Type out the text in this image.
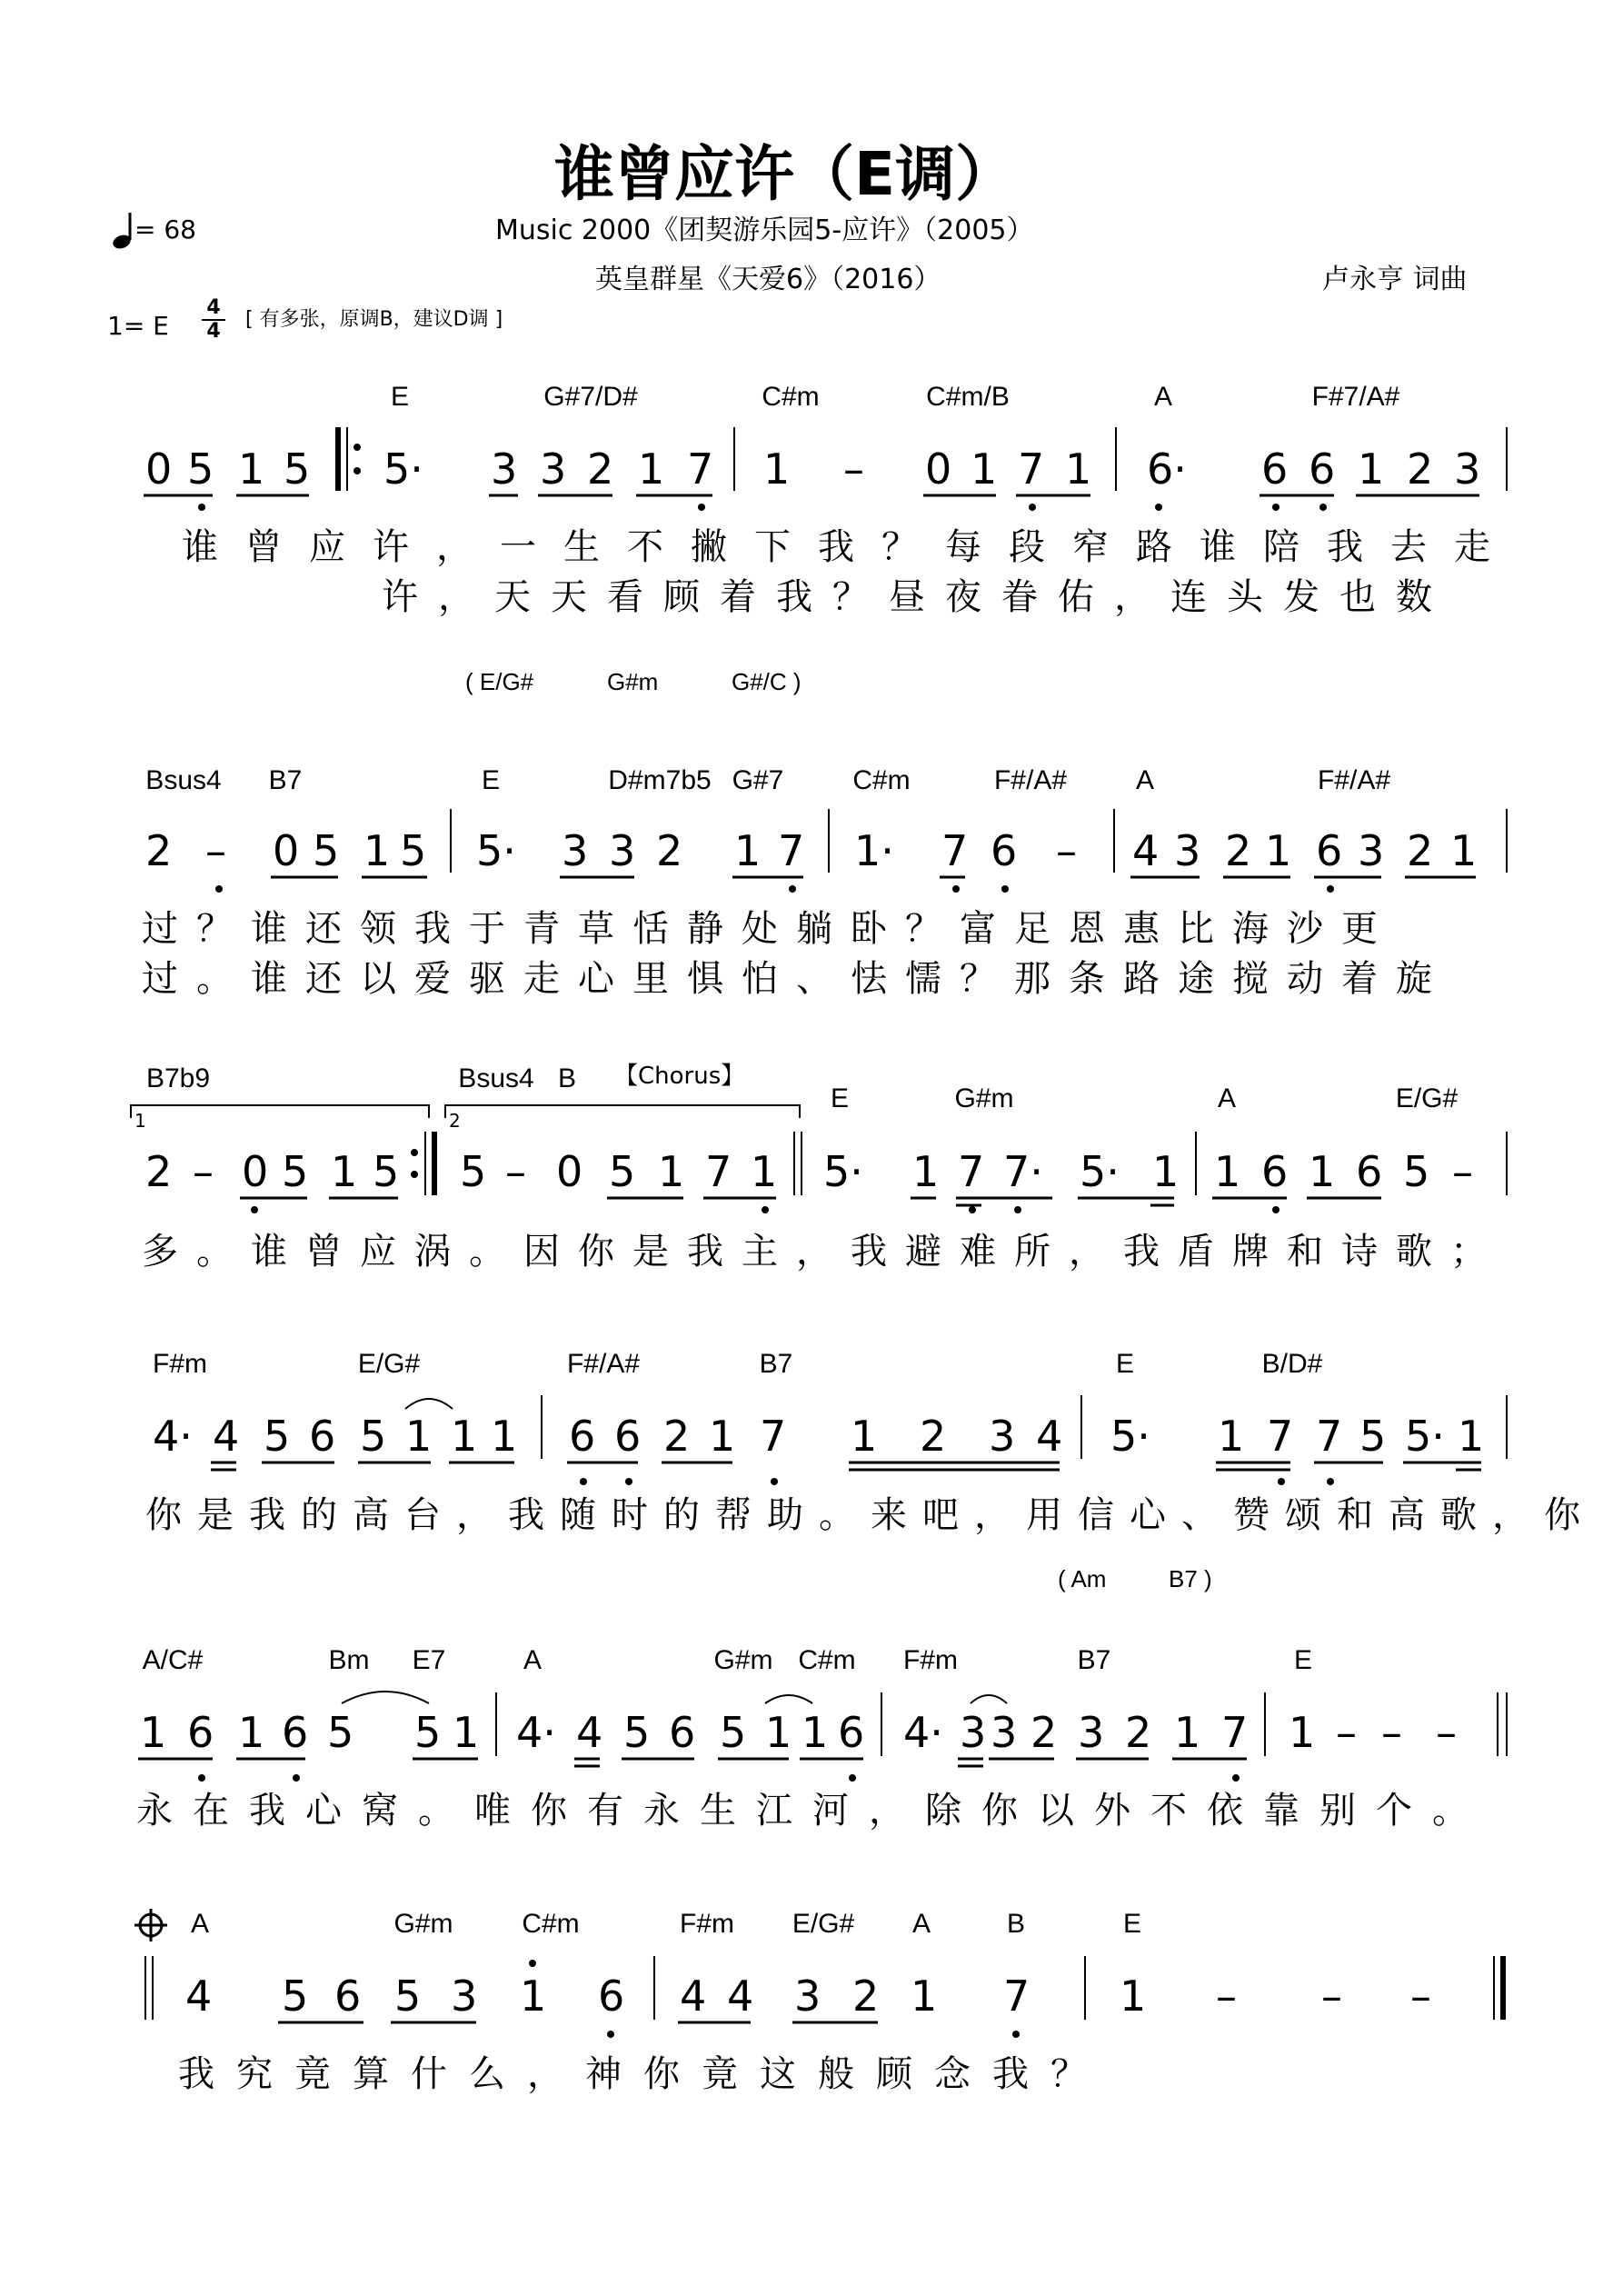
谁曾应许（E调）
= 68	Music 2000《团契游乐园5-应许》（2005）
英皇群星《天爱6》（2016）	卢永亨 词曲
1= E
4
4
[ 有多张，原调B，建议D调 ]
E	G#7/D#	C#m	C#m/B	A	F#7/A#
0 5 1 5 5· 3 3 2 1 7 1 – 0 1 7 1 6· 6 6 1 2 3
谁曾应许，一生不撇下我？每段窄路谁陪我去走
许，天天看顾着我？昼夜眷佑，连头发也数
( E/G#	G#m	G#/C )
Bsus4 B7	E	D#m7b5 G#7	C#m	F#/A#	A	F#/A#
2 – 0 5 1 5 5· 3 3 2 1 7 1· 7 6 – 4 3 2 1 6 3 2 1
过？谁还领我于青草恬静处躺卧？富足恩惠比海沙更
过。谁还以爱驱走心里惧怕、怯懦？那条路途搅动着旋
B7b9	Bsus4 B
E	G#m	A	E/G#
【Chorus】
1	2
2 – 0 5 1 5 5 – 0 5 1 7 1 5· 1 7 7· 5· 1 1 6 1 6 5 –
多。谁曾应涡。因你是我主，我避难所，我盾牌和诗歌；
F#m	E/G#	F#/A#	B7	E	B/D#
4· 4 5 6 5 1 1 1 6 6 2 1 7 1 2 3 4 5· 1 7 7 5 5· 1
你是我的高台，我随时的帮助。来吧，用信心、赞颂和高歌，你
( Am	B7 )
A/C#	Bm E7	A	G#m C#m F#m	B7	E
1 6 1 6 5 5 1 4· 4 5 6 5 1 1 6 4· 3 3 2 3 2 1 7 1 – – –
永在我心窝。唯你有永生江河，除你以外不依靠别个。
A	G#m	C#m	F#m E/G# A	B	E
4 5 6 5 3 1 6 4 4 3 2 1 7 1 – – –
我究竟算什么，神你竟这般顾念我？
